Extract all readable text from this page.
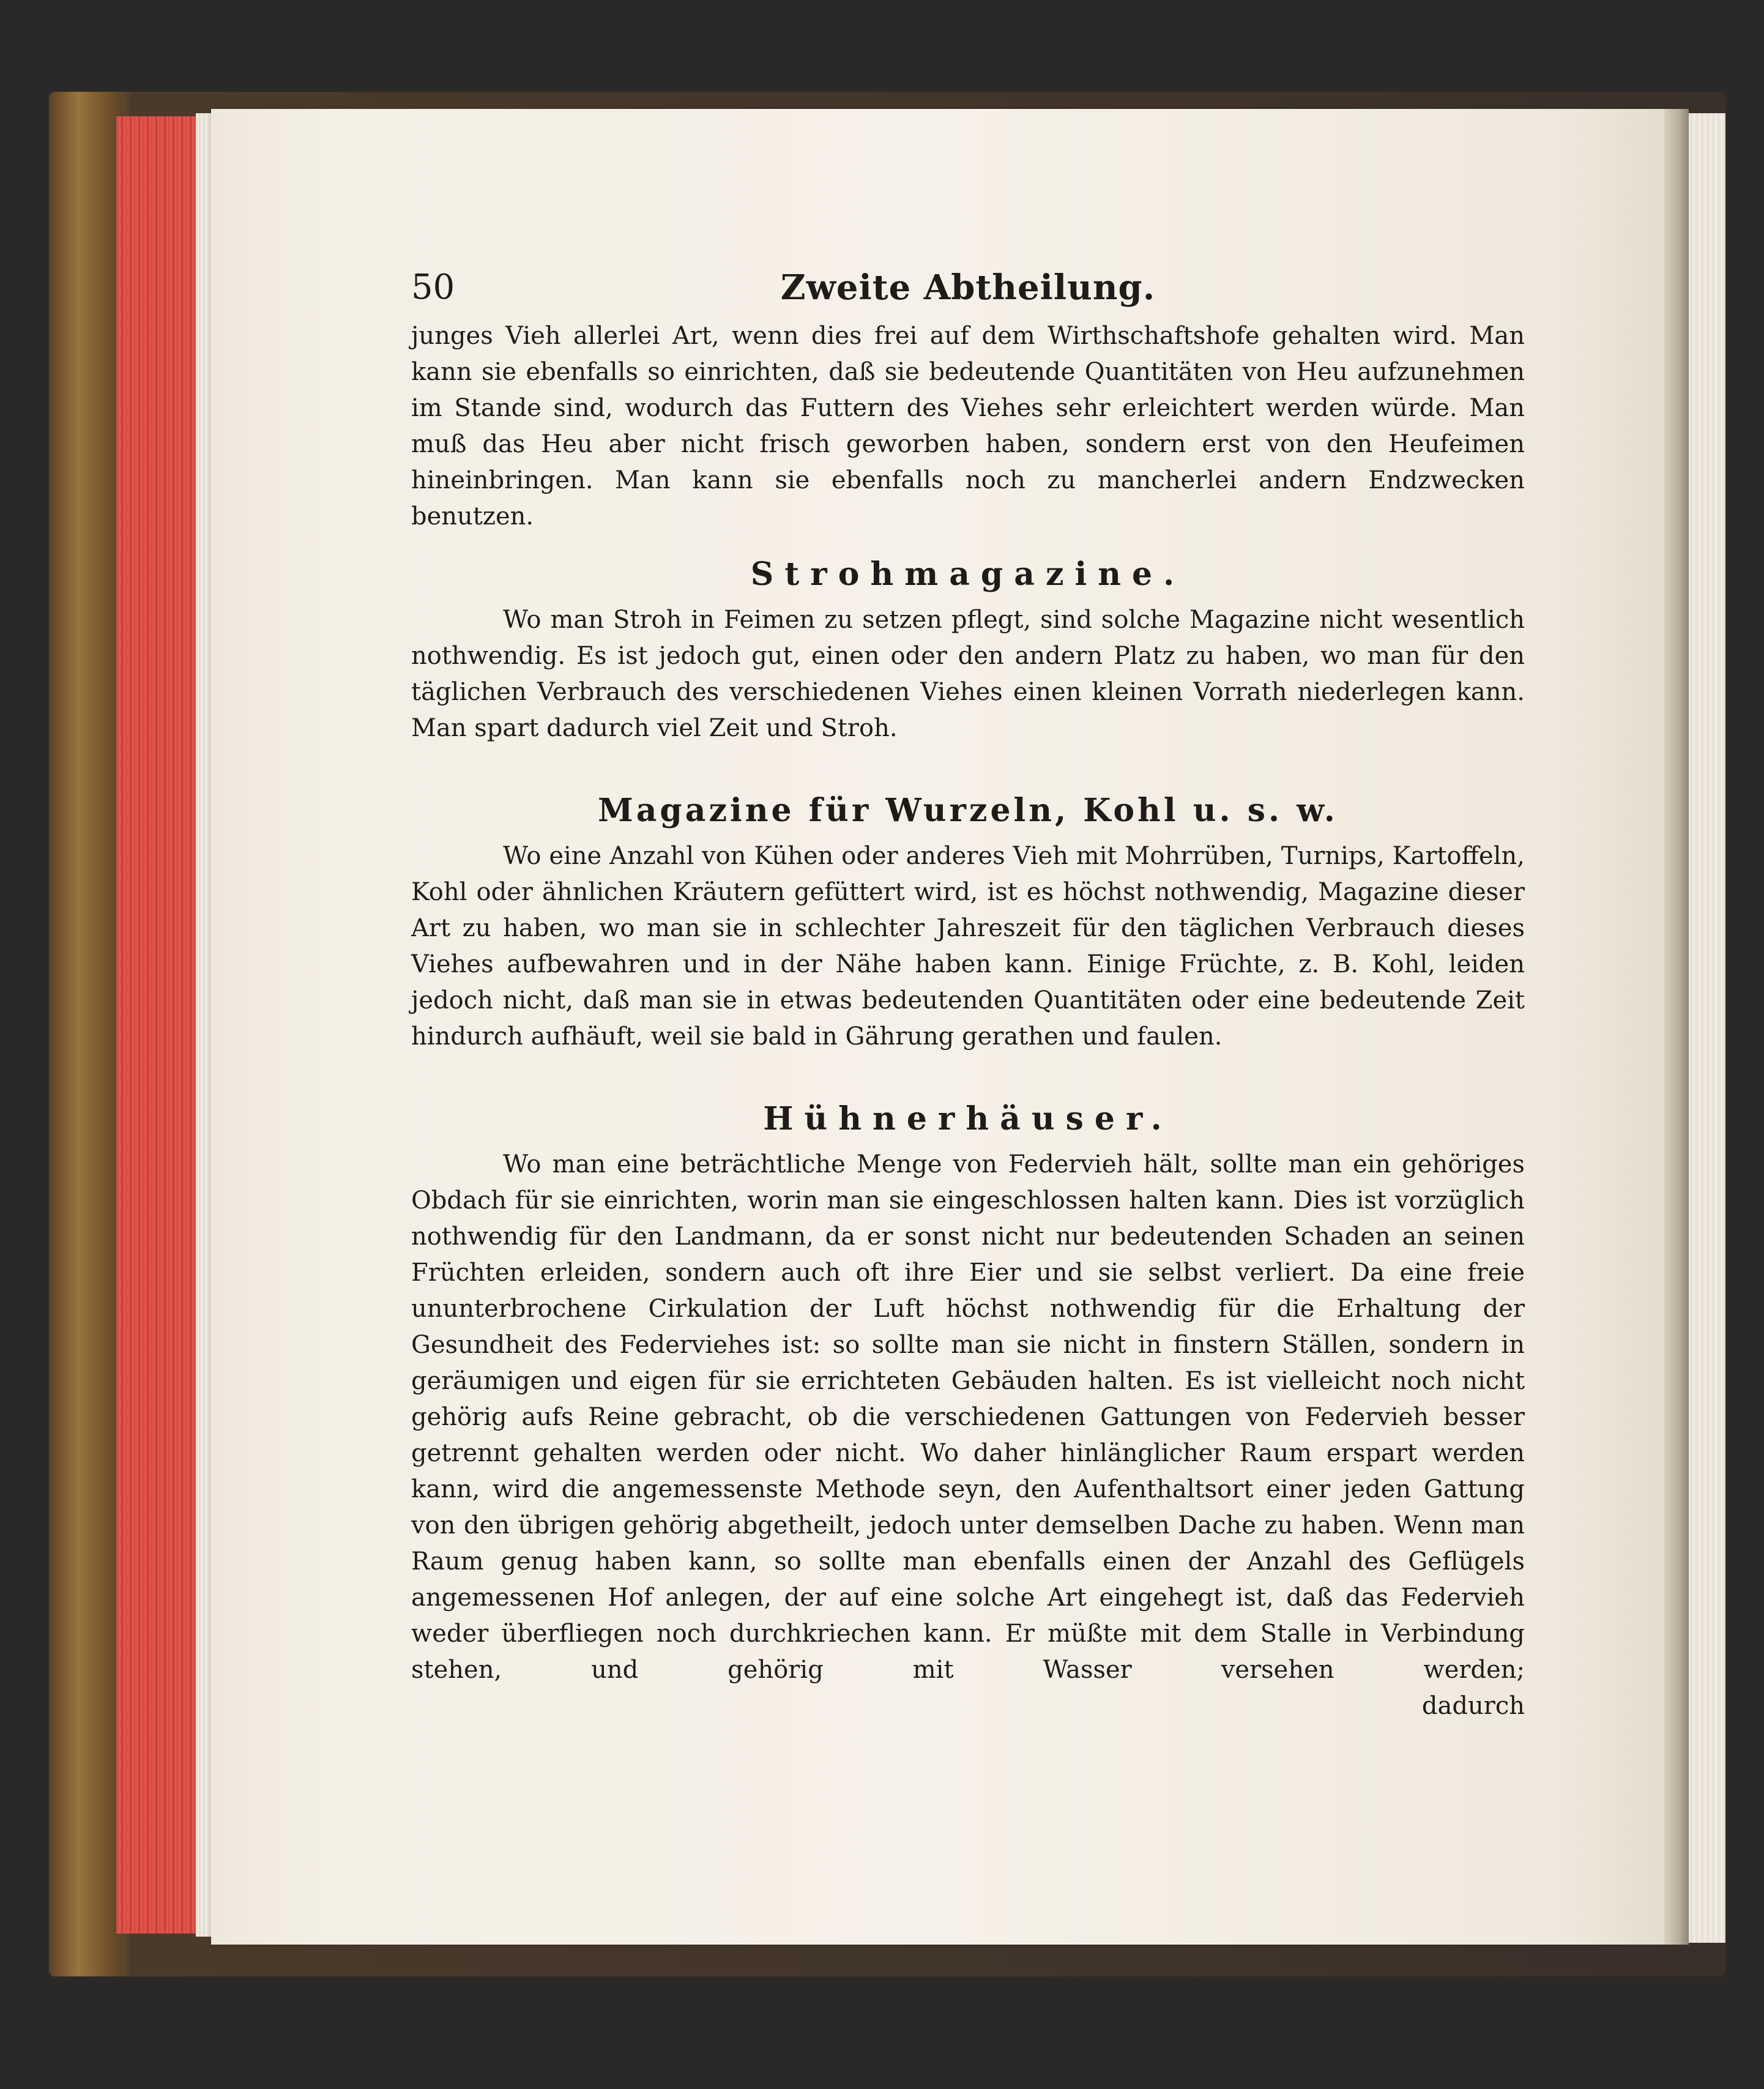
50	Zweite Abtheilung.

junges Vieh allerlei Art, wenn dies frei auf dem Wirthschaftshofe gehalten wird. Man kann sie ebenfalls so einrichten, daß sie bedeutende Quantitäten von Heu aufzunehmen im Stande sind, wodurch das Futtern des Viehes sehr erleichtert werden würde. Man muß das Heu aber nicht frisch geworben haben, sondern erst von den Heufeimen hineinbringen. Man kann sie ebenfalls noch zu mancherlei andern Endzwecken benutzen.

Strohmagazine.

Wo man Stroh in Feimen zu setzen pflegt, sind solche Magazine nicht wesentlich nothwendig. Es ist jedoch gut, einen oder den andern Platz zu haben, wo man für den täglichen Verbrauch des verschiedenen Viehes einen kleinen Vorrath niederlegen kann. Man spart dadurch viel Zeit und Stroh.

Magazine für Wurzeln, Kohl u. s. w.

Wo eine Anzahl von Kühen oder anderes Vieh mit Mohrrüben, Turnips, Kartoffeln, Kohl oder ähnlichen Kräutern gefüttert wird, ist es höchst nothwendig, Magazine dieser Art zu haben, wo man sie in schlechter Jahreszeit für den täglichen Verbrauch dieses Viehes aufbewahren und in der Nähe haben kann. Einige Früchte, z. B. Kohl, leiden jedoch nicht, daß man sie in etwas bedeutenden Quantitäten oder eine bedeutende Zeit hindurch aufhäuft, weil sie bald in Gährung gerathen und faulen.

Hühnerhäuser.

Wo man eine beträchtliche Menge von Federvieh hält, sollte man ein gehöriges Obdach für sie einrichten, worin man sie eingeschlossen halten kann. Dies ist vorzüglich nothwendig für den Landmann, da er sonst nicht nur bedeutenden Schaden an seinen Früchten erleiden, sondern auch oft ihre Eier und sie selbst verliert. Da eine freie ununterbrochene Cirkulation der Luft höchst nothwendig für die Erhaltung der Gesundheit des Federviehes ist: so sollte man sie nicht in finstern Ställen, sondern in geräumigen und eigen für sie errichteten Gebäuden halten. Es ist vielleicht noch nicht gehörig aufs Reine gebracht, ob die verschiedenen Gattungen von Federvieh besser getrennt gehalten werden oder nicht. Wo daher hinlänglicher Raum erspart werden kann, wird die angemessenste Methode seyn, den Aufenthaltsort einer jeden Gattung von den übrigen gehörig abgetheilt, jedoch unter demselben Dache zu haben. Wenn man Raum genug haben kann, so sollte man ebenfalls einen der Anzahl des Geflügels angemessenen Hof anlegen, der auf eine solche Art eingehegt ist, daß das Federvieh weder überfliegen noch durchkriechen kann. Er müßte mit dem Stalle in Verbindung stehen, und gehörig mit Wasser versehen werden;

dadurch
